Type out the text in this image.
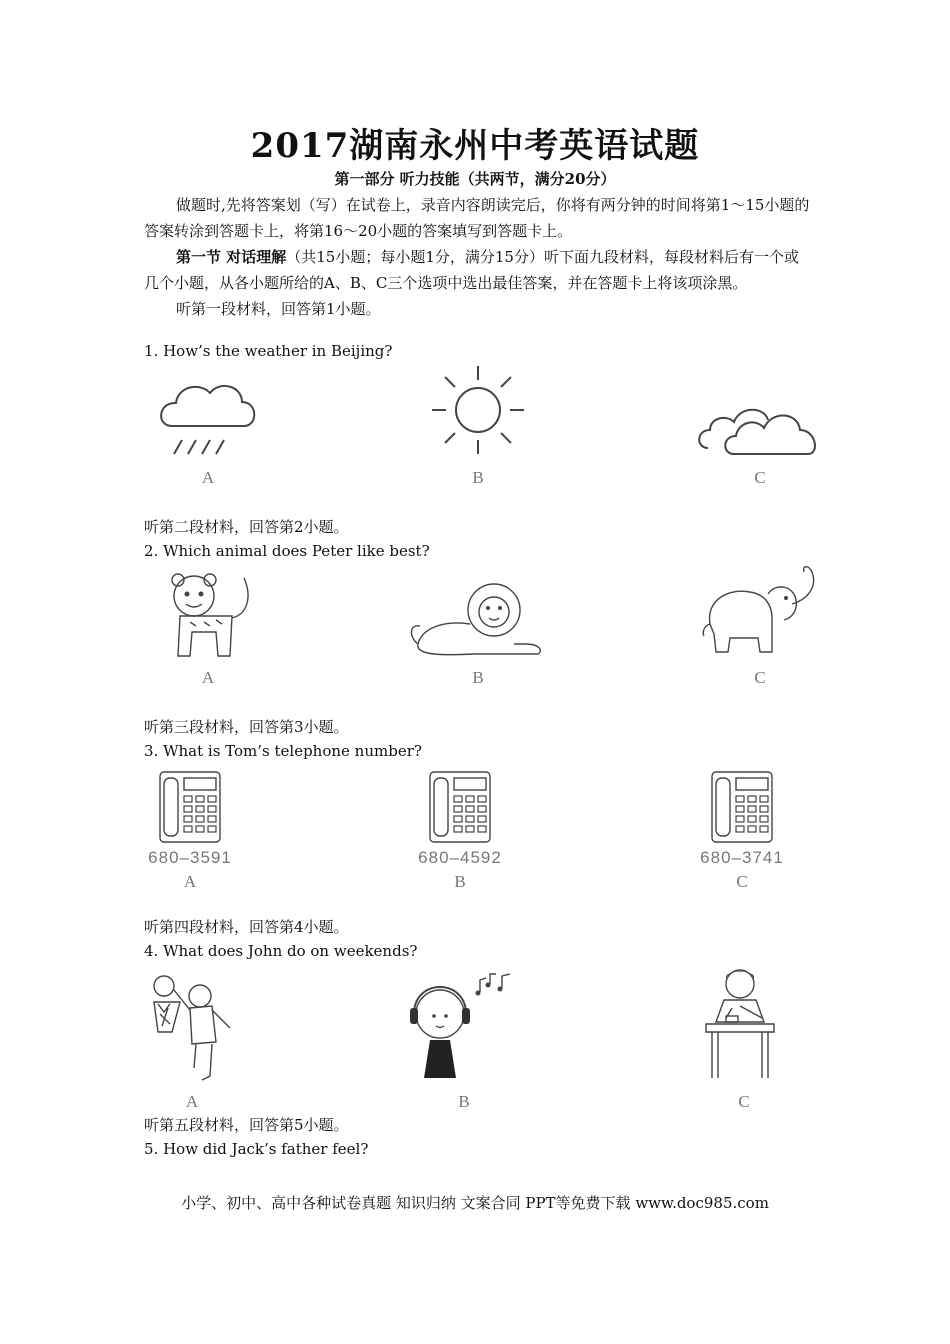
2017湖南永州中考英语试题
第一部分 听力技能（共两节，满分20分）

做题时,先将答案划（写）在试卷上，录音内容朗读完后，你将有两分钟的时间将第1～15小题的答案转涂到答题卡上，将第16～20小题的答案填写到答题卡上。

第一节 对话理解（共15小题；每小题1分，满分15分）听下面九段材料，每段材料后有一个或几个小题，从各小题所给的A、B、C三个选项中选出最佳答案，并在答题卡上将该项涂黑。

听第一段材料，回答第1小题。

1. How’s the weather in Beijing?
A	B	C
听第二段材料，回答第2小题。
2. Which animal does Peter like best?
A	B	C
听第三段材料，回答第3小题。
3. What is Tom’s telephone number?
680–3591
A
680–4592
B
680–3741
C
听第四段材料，回答第4小题。
4. What does John do on weekends?
A	B	C
听第五段材料，回答第5小题。
5. How did Jack’s father feel?
小学、初中、高中各种试卷真题 知识归纳 文案合同 PPT等免费下载 www.doc985.com
